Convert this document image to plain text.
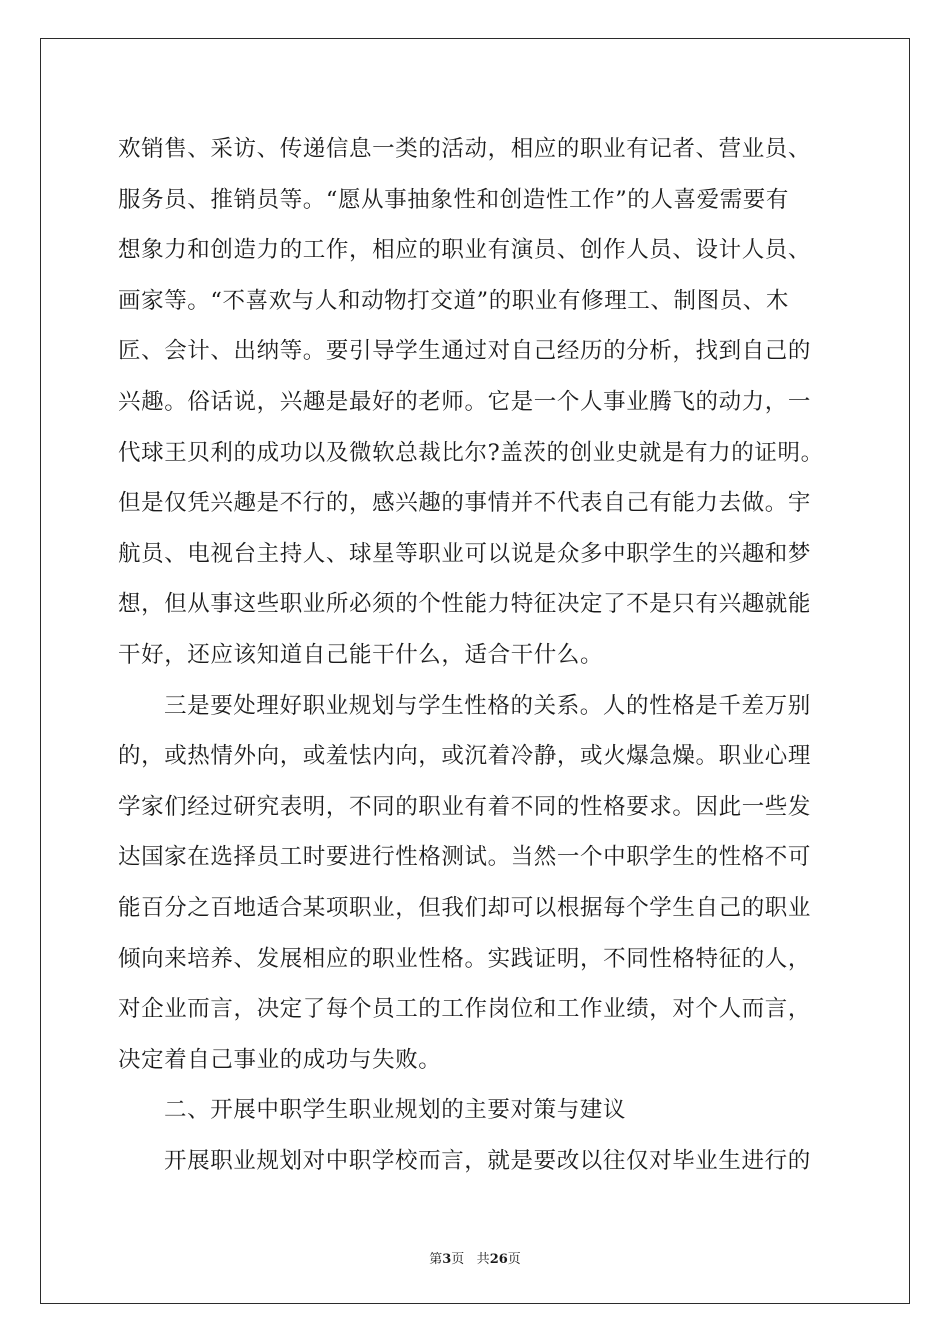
欢销售、采访、传递信息一类的活动，相应的职业有记者、营业员、
服务员、推销员等。“愿从事抽象性和创造性工作”的人喜爱需要有
想象力和创造力的工作，相应的职业有演员、创作人员、设计人员、
画家等。“不喜欢与人和动物打交道”的职业有修理工、制图员、木
匠、会计、出纳等。要引导学生通过对自己经历的分析，找到自己的
兴趣。俗话说，兴趣是最好的老师。它是一个人事业腾飞的动力，一
代球王贝利的成功以及微软总裁比尔?盖茨的创业史就是有力的证明。
但是仅凭兴趣是不行的，感兴趣的事情并不代表自己有能力去做。宇
航员、电视台主持人、球星等职业可以说是众多中职学生的兴趣和梦
想，但从事这些职业所必须的个性能力特征决定了不是只有兴趣就能
干好，还应该知道自己能干什么，适合干什么。
三是要处理好职业规划与学生性格的关系。人的性格是千差万别
的，或热情外向，或羞怯内向，或沉着冷静，或火爆急燥。职业心理
学家们经过研究表明，不同的职业有着不同的性格要求。因此一些发
达国家在选择员工时要进行性格测试。当然一个中职学生的性格不可
能百分之百地适合某项职业，但我们却可以根据每个学生自己的职业
倾向来培养、发展相应的职业性格。实践证明，不同性格特征的人，
对企业而言，决定了每个员工的工作岗位和工作业绩，对个人而言，
决定着自己事业的成功与失败。
二、开展中职学生职业规划的主要对策与建议
开展职业规划对中职学校而言，就是要改以往仅对毕业生进行的
第3页 共26页
